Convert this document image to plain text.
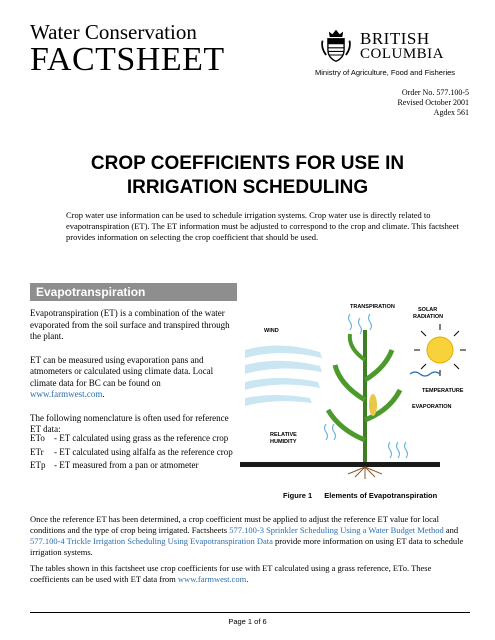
Water Conservation
FACTSHEET
BRITISH
COLUMBIA
Ministry of Agriculture, Food and Fisheries
Order No. 577.100-5
Revised October 2001
Agdex 561
CROP COEFFICIENTS FOR USE IN
IRRIGATION SCHEDULING

Crop water use information can be used to schedule irrigation systems. Crop water use is directly related to evapotranspiration (ET). The ET information must be adjusted to correspond to the crop and climate. This factsheet provides information on selecting the crop coefficient that should be used.

Evapotranspiration

Evapotranspiration (ET) is a combination of the water evaporated from the soil surface and transpired through the plant.

ET can be measured using evaporation pans and atmometers or calculated using climate data. Local climate data for BC can be found on www.farmwest.com.

The following nomenclature is often used for reference ET data:

ETo - ET calculated using grass as the reference crop
ETr - ET calculated using alfalfa as the reference crop
ETp - ET measured from a pan or atmometer
TRANSPIRATION	SOLAR
RADIATION
WIND
TEMPERATURE
EVAPORATION
RELATIVE
HUMIDITY
Figure 1 Elements of Evapotranspiration

Once the reference ET has been determined, a crop coefficient must be applied to adjust the reference ET value for local conditions and the type of crop being irrigated. Factsheets 577.100-3 Sprinkler Scheduling Using a Water Budget Method and 577.100-4 Trickle Irrigation Scheduling Using Evapotranspiration Data provide more information on using ET data to schedule irrigation systems.

The tables shown in this factsheet use crop coefficients for use with ET calculated using a grass reference, ETo. These coefficients can be used with ET data from www.farmwest.com.

Page 1 of 6
